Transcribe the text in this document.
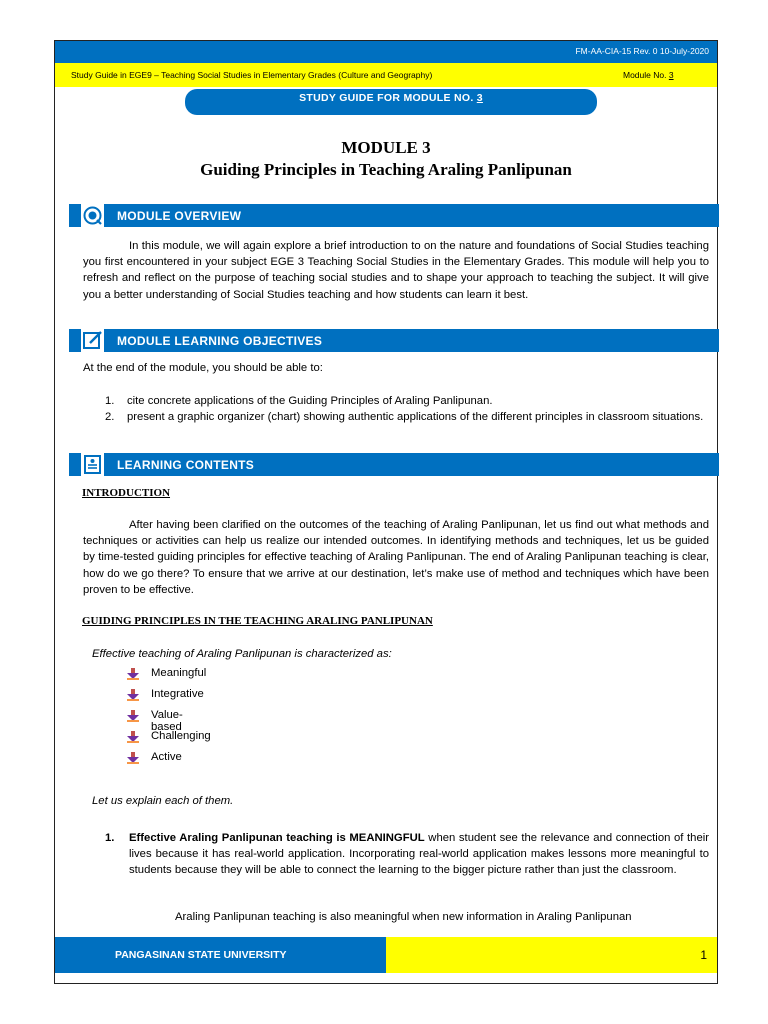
FM-AA-CIA-15 Rev. 0 10-July-2020
Study Guide in EGE9 – Teaching Social Studies in Elementary Grades (Culture and Geography)	Module No. 3
STUDY GUIDE FOR MODULE NO. 3
MODULE 3
Guiding Principles in Teaching Araling Panlipunan
MODULE OVERVIEW
In this module, we will again explore a brief introduction to on the nature and foundations of Social Studies teaching you first encountered in your subject EGE 3 Teaching Social Studies in the Elementary Grades. This module will help you to refresh and reflect on the purpose of teaching social studies and to shape your approach to teaching the subject. It will give you a better understanding of Social Studies teaching and how students can learn it best.
MODULE LEARNING OBJECTIVES
At the end of the module, you should be able to:
1. cite concrete applications of the Guiding Principles of Araling Panlipunan.
2. present a graphic organizer (chart) showing authentic applications of the different principles in classroom situations.
LEARNING CONTENTS
INTRODUCTION
After having been clarified on the outcomes of the teaching of Araling Panlipunan, let us find out what methods and techniques or activities can help us realize our intended outcomes. In identifying methods and techniques, let us be guided by time-tested guiding principles for effective teaching of Araling Panlipunan. The end of Araling Panlipunan teaching is clear, how do we go there? To ensure that we arrive at our destination, let’s make use of method and techniques which have been proven to be effective.
GUIDING PRINCIPLES IN THE TEACHING ARALING PANLIPUNAN
Effective teaching of Araling Panlipunan is characterized as:
Meaningful
Integrative
Value-based
Challenging
Active
Let us explain each of them.
1. Effective Araling Panlipunan teaching is MEANINGFUL when student see the relevance and connection of their lives because it has real-world application. Incorporating real-world application makes lessons more meaningful to students because they will be able to connect the learning to the bigger picture rather than just the classroom.
Araling Panlipunan teaching is also meaningful when new information in Araling Panlipunan
PANGASINAN STATE UNIVERSITY	1
